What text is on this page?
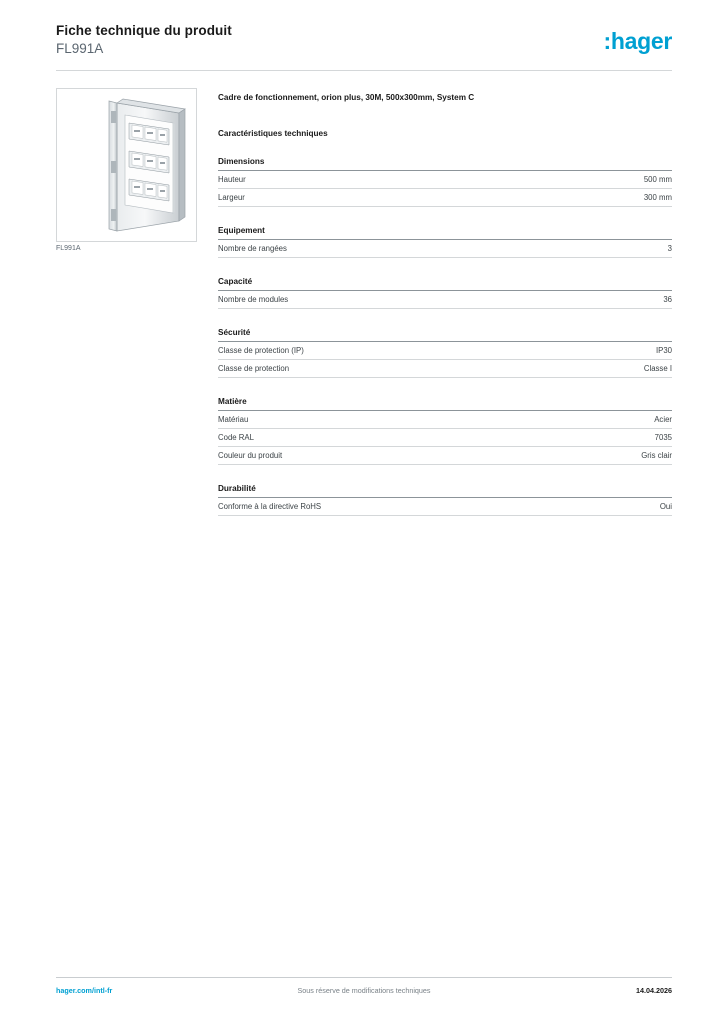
Fiche technique du produit
FL991A	:hager
FL991A
Cadre de fonctionnement, orion plus, 30M, 500x300mm, System C
Caractéristiques techniques
Dimensions
Hauteur	500 mm
Largeur	300 mm
Equipement
Nombre de rangées	3
Capacité
Nombre de modules	36
Sécurité
Classe de protection (IP)	IP30
Classe de protection	Classe I
Matière
Matériau	Acier
Code RAL	7035
Couleur du produit	Gris clair
Durabilité
Conforme à la directive RoHS	Oui
hager.com/intl-fr	Sous réserve de modifications techniques	14.04.2026
